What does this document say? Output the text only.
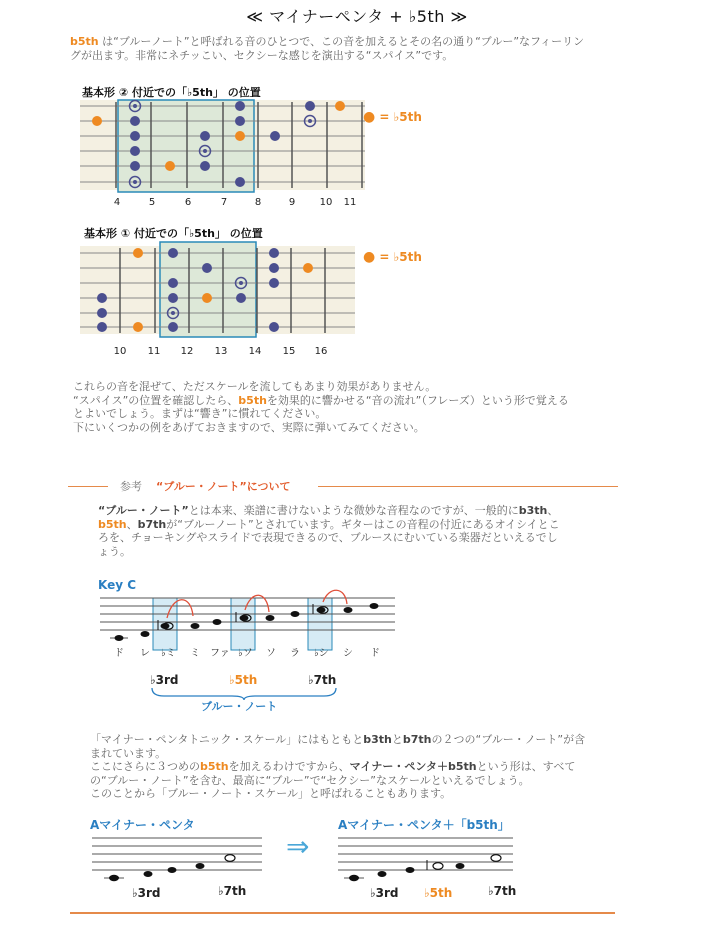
≪ マイナーペンタ + ♭5th ≫
b5th は“ブルーノート”と呼ばれる音のひとつで、この音を加えるとその名の通り“ブルー”なフィーリン
グが出ます。非常にネチッこい、セクシーな感じを演出する“スパイス”です。
基本形 ② 付近での「♭5th」 の位置
● = ♭5th
4	5	6	7	8	9	10	11
基本形 ① 付近での「♭5th」 の位置
● = ♭5th
10	11	12	13	14	15	16
これらの音を混ぜて、ただスケールを流してもあまり効果がありません。
“スパイス”の位置を確認したら、b5thを効果的に響かせる“音の流れ”（フレーズ）という形で覚える
とよいでしょう。まずは“響き”に慣れてください。
下にいくつかの例をあげておきますので、実際に弾いてみてください。
参考 “ブルー・ノート”について
“ブルー・ノート”とは本来、楽譜に書けないような微妙な音程なのですが、一般的にb3th、
b5th、b7thが“ブルーノート”とされています。ギターはこの音程の付近にあるオイシイとこ
ろを、チョーキングやスライドで表現できるので、ブルースにむいている楽器だといえるでし
ょう。
Key C
ド レ ♭ミ ミ ファ ♭ソ ソ ラ ♭シ シ ド
♭3rd	♭5th	♭7th
ブルー・ノート
「マイナー・ペンタトニック・スケール」にはもともとb3thとb7thの２つの“ブルー・ノート”が含
まれています。
ここにさらに３つめのb5thを加えるわけですから、マイナー・ペンタ＋b5thという形は、すべて
の“ブルー・ノート”を含む、最高に“ブルー”で“セクシー”なスケールといえるでしょう。
このことから「ブルー・ノート・スケール」と呼ばれることもあります。
Aマイナー・ペンタ
♭3rd	♭7th
⇒
Aマイナー・ペンタ＋「b5th」
♭3rd ♭5th	♭7th
